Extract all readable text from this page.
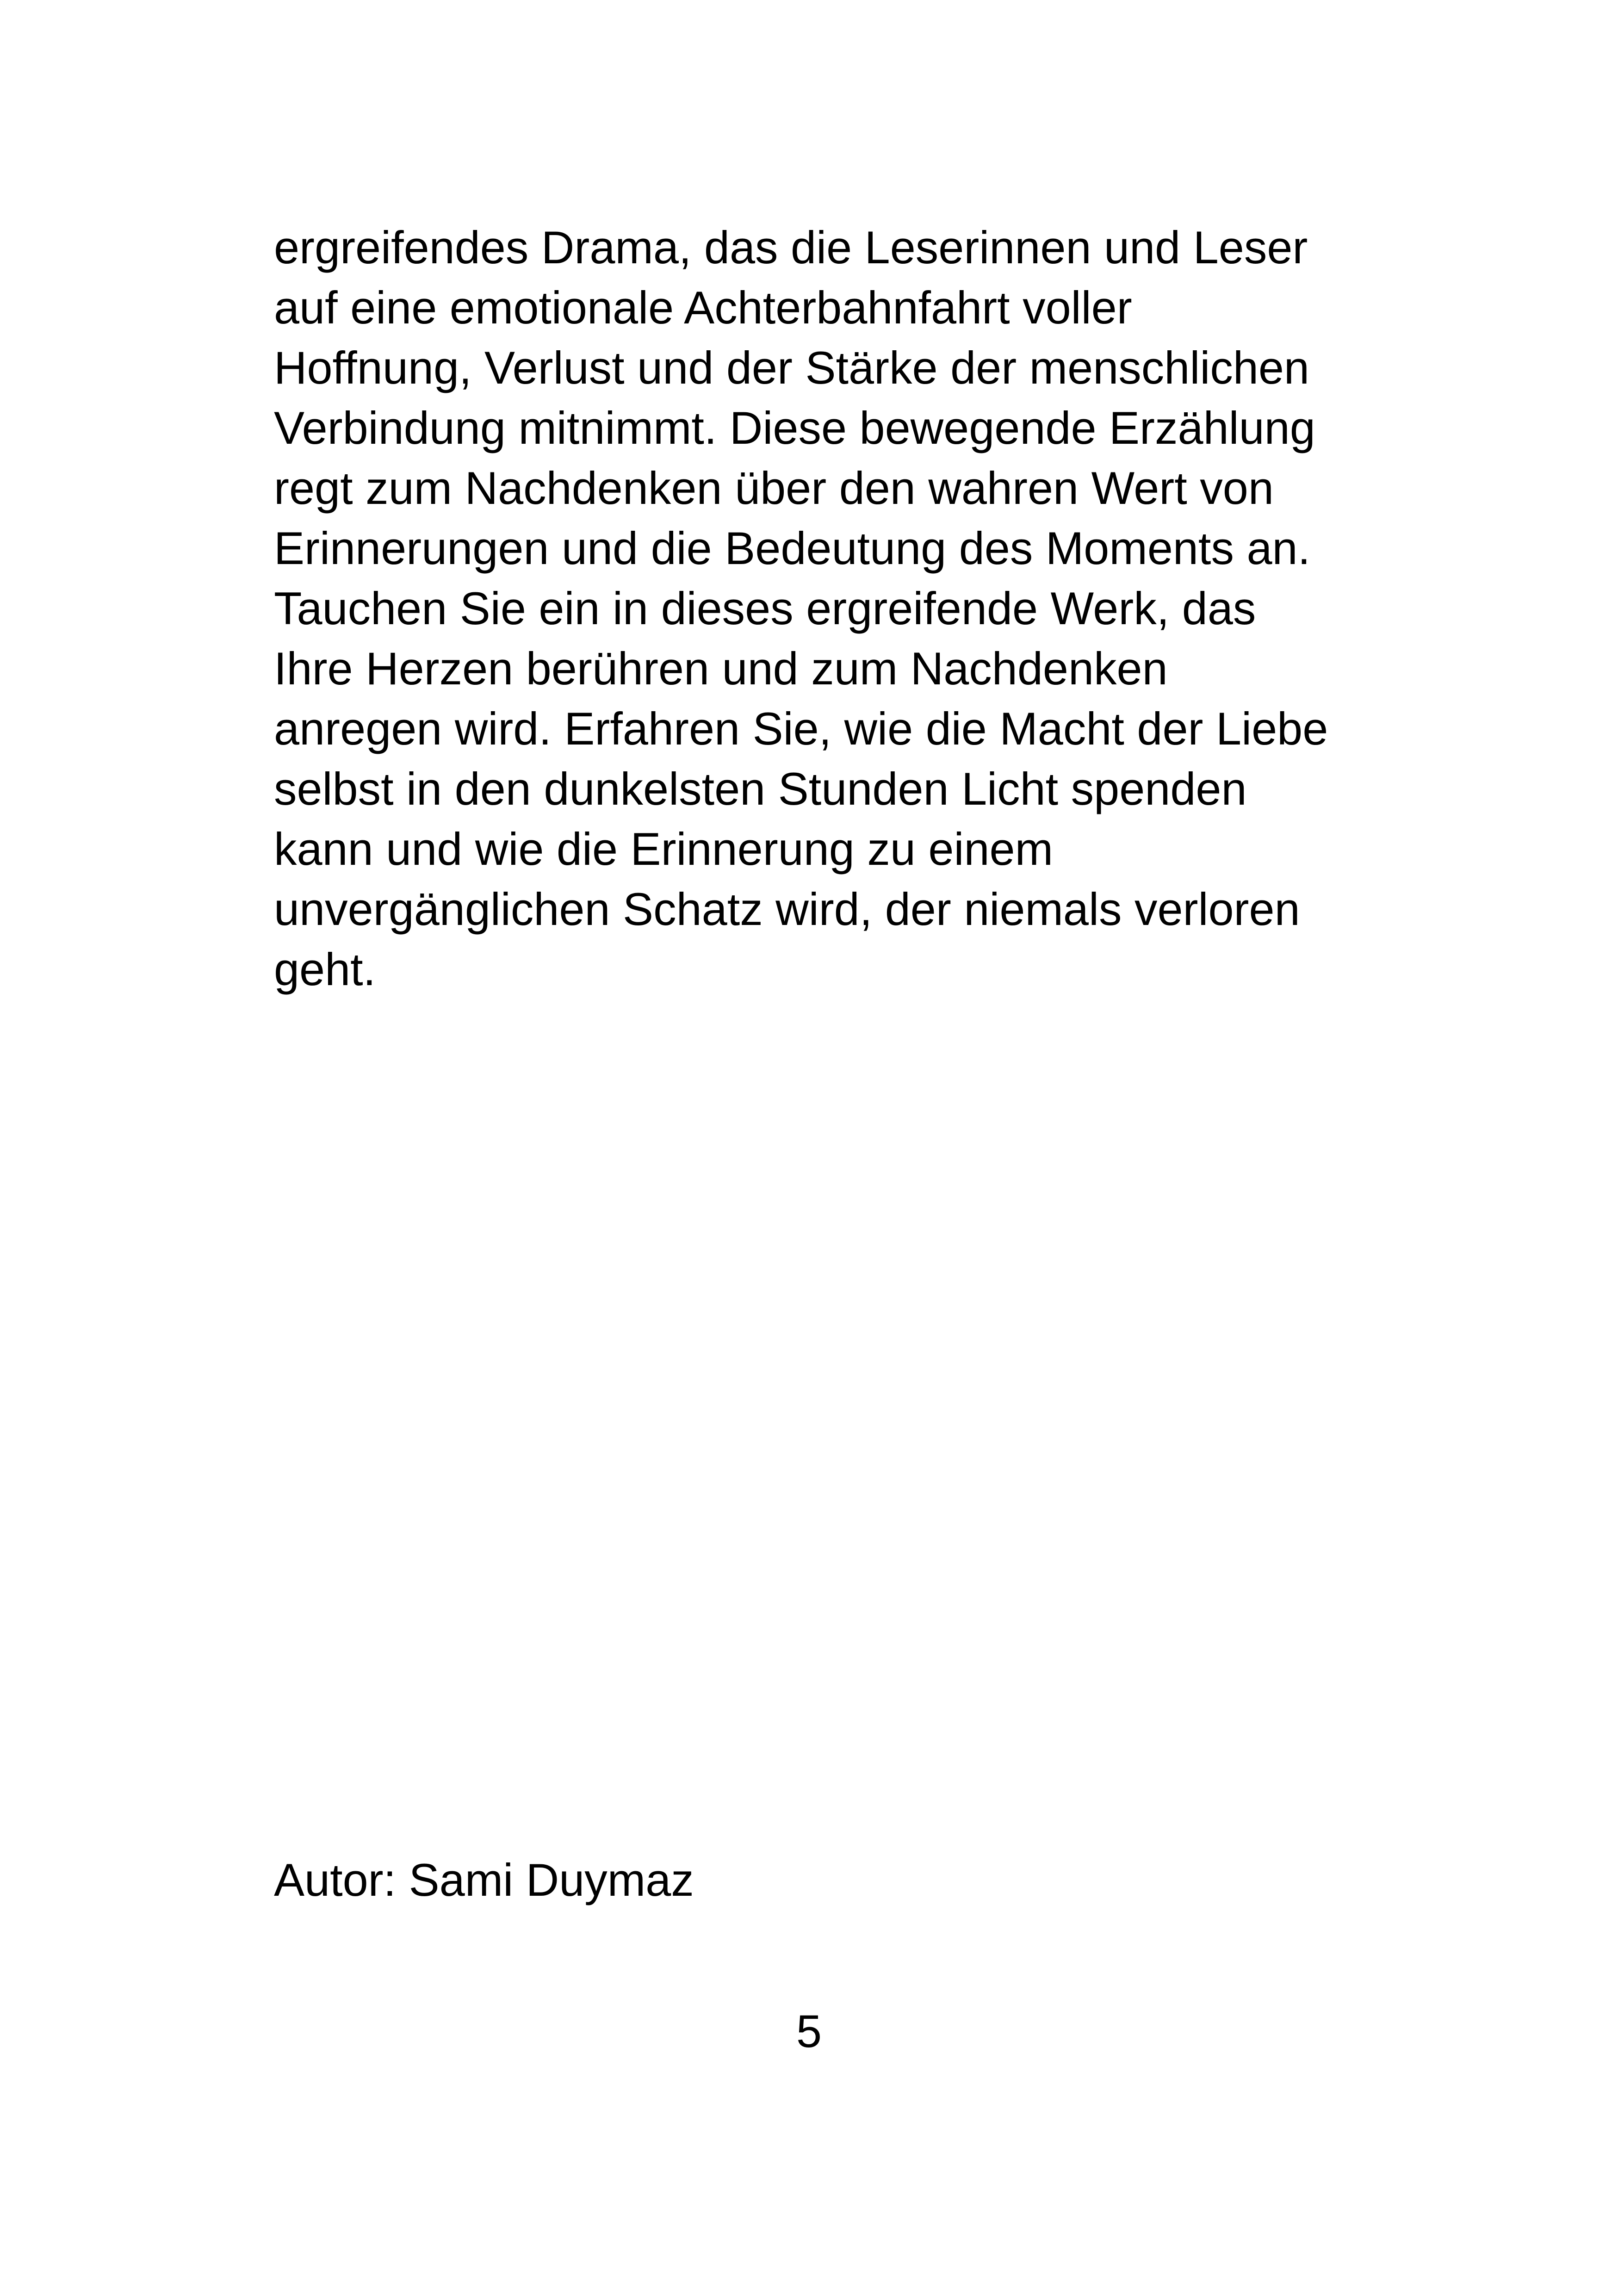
ergreifendes Drama, das die Leserinnen und Leser
auf eine emotionale Achterbahnfahrt voller
Hoffnung, Verlust und der Stärke der menschlichen
Verbindung mitnimmt. Diese bewegende Erzählung
regt zum Nachdenken über den wahren Wert von
Erinnerungen und die Bedeutung des Moments an.
Tauchen Sie ein in dieses ergreifende Werk, das
Ihre Herzen berühren und zum Nachdenken
anregen wird. Erfahren Sie, wie die Macht der Liebe
selbst in den dunkelsten Stunden Licht spenden
kann und wie die Erinnerung zu einem
unvergänglichen Schatz wird, der niemals verloren
geht.
Autor: Sami Duymaz
5
